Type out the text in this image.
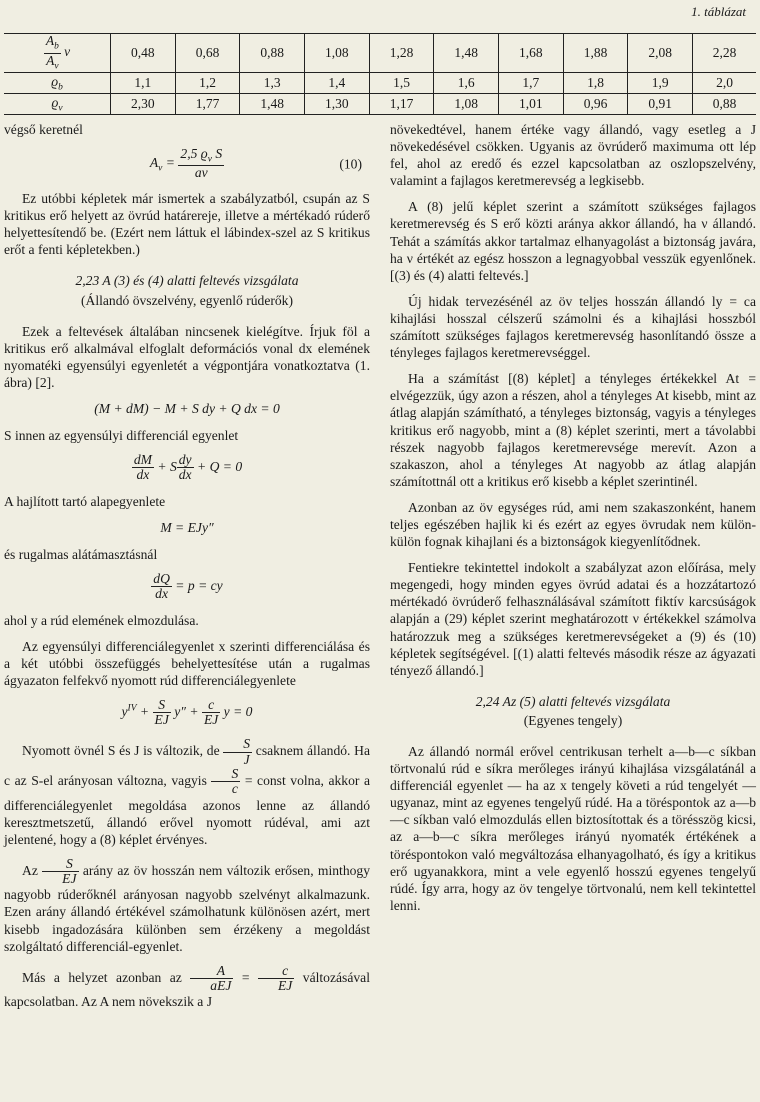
1. táblázat
$\frac{A_b}{A_v}$ ν	0,48	0,68	0,88	1,08	1,28	1,48	1,68	1,88	2,08	2,28
$ϱ_b$	1,1	1,2	1,3	1,4	1,5	1,6	1,7	1,8	1,9	2,0
$ϱ_v$	2,30	1,77	1,48	1,30	1,17	1,08	1,01	0,96	0,91	0,88

végső keretnél

$A_v = \frac{2,5 ϱ_v S}{a\nu}$	(10)

Ez utóbbi képletek már ismertek a szabályzatból, csupán az S kritikus erő helyett az övrúd határereje, illetve a mértékadó rúderő helyettesítendő be. (Ezért nem láttuk el lábindex-szel az S kritikus erőt a fenti képletekben.)

2,23 A (3) és (4) alatti feltevés vizsgálata
(Állandó övszelvény, egyenlő rúderők)

Ezek a feltevések általában nincsenek kielégítve. Írjuk föl a kritikus erő alkalmával elfoglalt deformációs vonal dx elemének nyomatéki egyensúlyi egyenletét a végpontjára vonatkoztatva (1. ábra) [2].

(M + dM) − M + S dy + Q dx = 0

S innen az egyensúlyi differenciál egyenlet

$\frac{dM}{dx} + S \frac{dy}{dx} + Q = 0$

A hajlított tartó alapegyenlete

M = EJy″

és rugalmas alátámasztásnál

$\frac{dQ}{dx} = p$ = cy

ahol y a rúd elemének elmozdulása.

Az egyensúlyi differenciálegyenlet x szerinti differenciálása és a két utóbbi összefüggés behelyettesítése után a rugalmas ágyazaton felfekvő nyomott rúd differenciálegyenlete

$y^{IV} + \frac{S}{EJ} y'' + \frac{c}{EJ}$ y = 0

Nyomott övnél S és J is változik, de $\frac{S}{J}$ csaknem állandó. Ha c az S-el arányosan változna, vagyis $\frac{S}{c}$ = const volna, akkor a differenciálegyenlet megoldása azonos lenne az állandó keresztmetszetű, állandó erővel nyomott rúdéval, ami azt jelentené, hogy a (8) képlet érvényes.

Az $\frac{S}{EJ}$ arány az öv hosszán nem változik erősen, minthogy nagyobb rúderőknél arányosan nagyobb szelvényt alkalmazunk. Ezen arány állandó értékével számolhatunk különösen azért, mert kisebb ingadozására különben sem érzékeny a megoldást szolgáltató differenciál-egyenlet.

Más a helyzet azonban az $\frac{A}{\text{aEJ}} = \frac{c}{EJ}$ változásával kapcsolatban. Az A nem növekszik a J

növekedtével, hanem értéke vagy állandó, vagy esetleg a J növekedésével csökken. Ugyanis az övrúderő maximuma ott lép fel, ahol az eredő és ezzel kapcsolatban az oszlopszelvény, valamint a fajlagos keretmerevség a legkisebb.

A (8) jelű képlet szerint a számított szükséges fajlagos keretmerevség és S erő közti aránya akkor állandó, ha ν állandó. Tehát a számítás akkor tartalmaz elhanyagolást a biztonság javára, ha ν értékét az egész hosszon a legnagyobbal vesszük egyenlőnek. [(3) és (4) alatti feltevés.]

Új hidak tervezésénél az öv teljes hosszán állandó ly = ca kihajlási hosszal célszerű számolni és a kihajlási hosszból számított szükséges fajlagos keretmerevség hasonlítandó össze a tényleges fajlagos keretmerevséggel.

Ha a számítást [(8) képlet] a tényleges értékekkel At = elvégezzük, úgy azon a részen, ahol a tényleges At kisebb, mint az átlag alapján számítható, a tényleges biztonság, vagyis a tényleges kritikus erő nagyobb, mint a (8) képlet szerinti, mert a távolabbi részek nagyobb fajlagos keretmerevsége merevít. Azon a szakaszon, ahol a tényleges At nagyobb az átlag alapján számítottnál ott a kritikus erő kisebb a képlet szerintinél.

Azonban az öv egységes rúd, ami nem szakaszonként, hanem teljes egészében hajlik ki és ezért az egyes övrudak nem külön-külön fognak kihajlani és a biztonságok kiegyenlítődnek.

Fentiekre tekintettel indokolt a szabályzat azon előírása, mely megengedi, hogy minden egyes övrúd adatai és a hozzátartozó mértékadó övrúderő felhasználásával számított fiktív karcsúságok alapján a (29) képlet szerint meghatározott ν értékekkel számolva határozzuk meg a szükséges keretmerevségeket a (9) és (10) képletek segítségével. [(1) alatti feltevés második része az ágyazati tényező állandó.]

2,24 Az (5) alatti feltevés vizsgálata
(Egyenes tengely)

Az állandó normál erővel centrikusan terhelt a—b—c síkban törtvonalú rúd e síkra merőleges irányú kihajlása vizsgálatánál a differenciál egyenlet — ha az x tengely követi a rúd tengelyét — ugyanaz, mint az egyenes tengelyű rúdé. Ha a töréspontok az a—b—c síkban való elmozdulás ellen biztosítottak és a törésszög kicsi, az a—b—c síkra merőleges irányú nyomaték értékének a töréspontokon való megváltozása elhanyagolható, és így a kritikus erő ugyanakkora, mint a vele egyenlő hosszú egyenes tengelyű rúdé. Így arra, hogy az öv tengelye törtvonalú, nem kell tekintettel lenni.
